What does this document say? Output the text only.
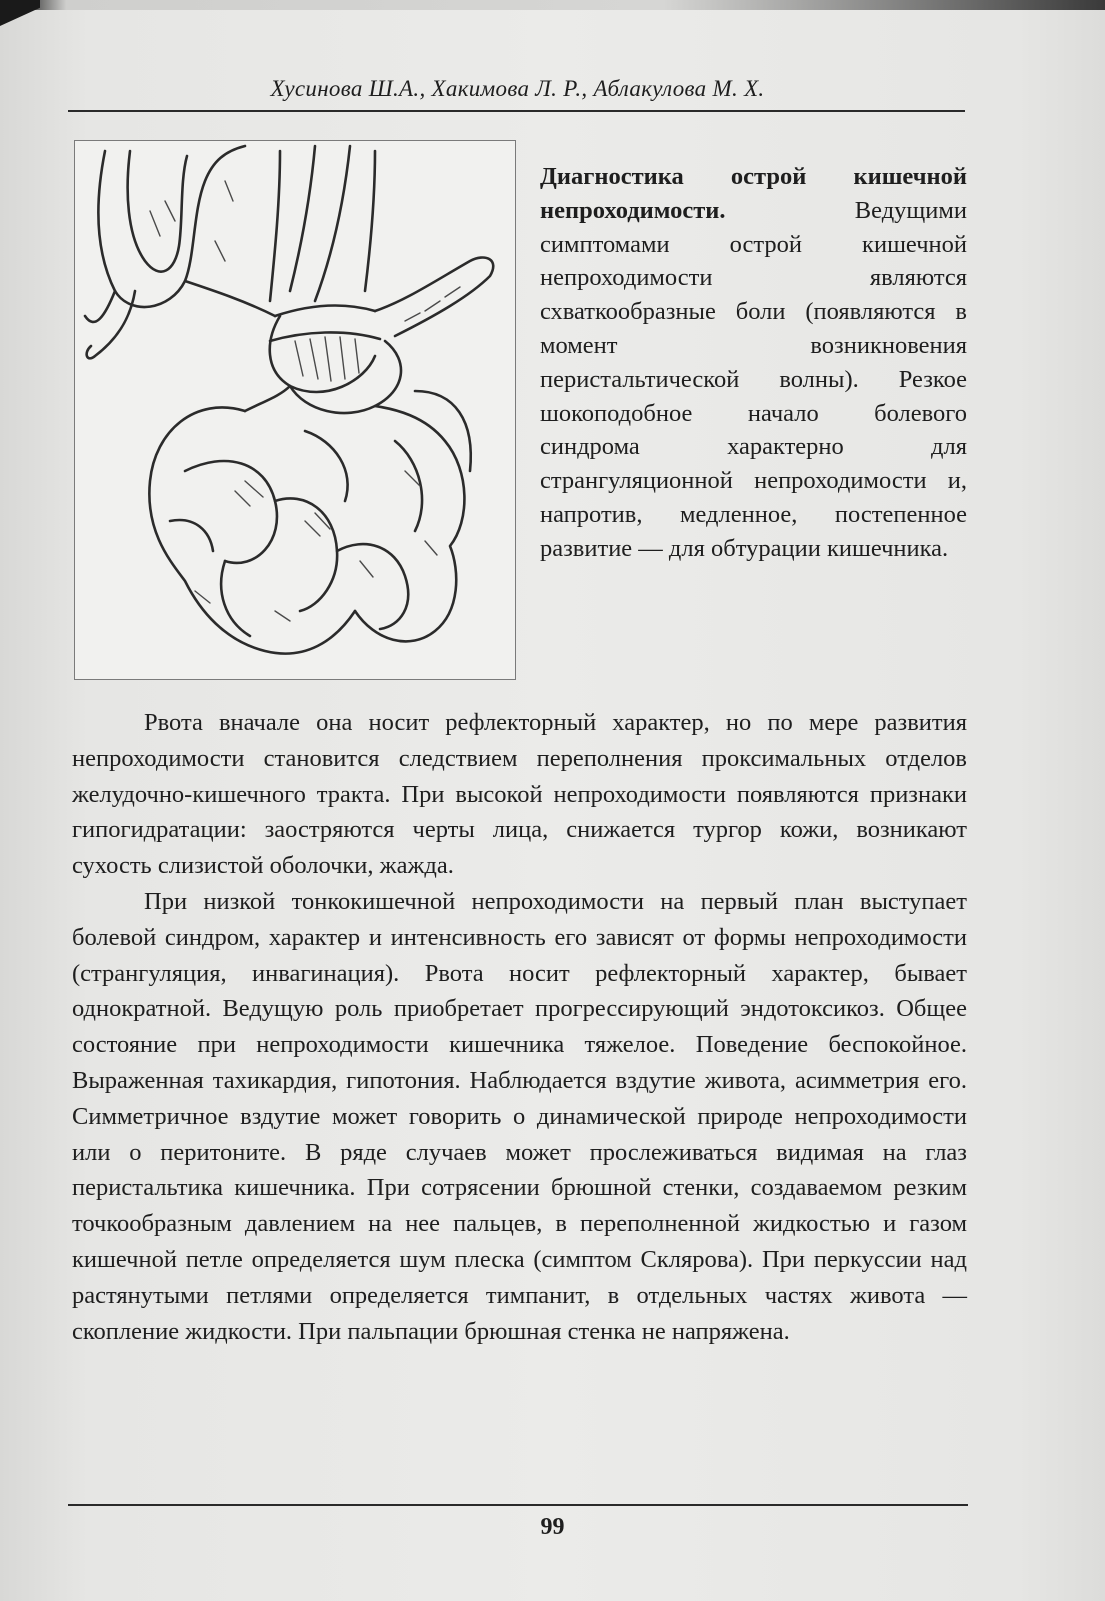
Хусинова Ш.А., Хакимова Л. Р., Аблакулова М. Х.
Диагностика острой кишечной непроходимости. Ведущими симптомами острой кишечной непроходимости являются схваткообразные боли (появляются в момент возникновения перистальтической волны). Резкое шокоподобное начало болевого синдрома характерно для странгуляционной непроходимости и, напротив, медленное, постепенное развитие — для обтурации кишечника.

Рвота вначале она носит рефлекторный характер, но по мере развития непроходимости становится следствием переполнения проксимальных отделов желудочно-кишечного тракта. При высокой непроходимости появляются признаки гипогидратации: заостряются черты лица, снижается тургор кожи, возникают сухость слизистой оболочки, жажда.

При низкой тонкокишечной непроходимости на первый план выступает болевой синдром, характер и интенсивность его зависят от формы непроходимости (странгуляция, инвагинация). Рвота носит рефлекторный характер, бывает однократной. Ведущую роль приобретает прогрессирующий эндотоксикоз. Общее состояние при непроходимости кишечника тяжелое. Поведение беспокойное. Выраженная тахикардия, гипотония. Наблюдается вздутие живота, асимметрия его. Симметричное вздутие может говорить о динамической природе непроходимости или о перитоните. В ряде случаев может прослеживаться видимая на глаз перистальтика кишечника. При сотрясении брюшной стенки, создаваемом резким точкообразным давлением на нее пальцев, в переполненной жидкостью и газом кишечной петле определяется шум плеска (симптом Склярова). При перкуссии над растянутыми петлями определяется тимпанит, в отдельных частях живота — скопление жидкости. При пальпации брюшная стенка не напряжена.

99
